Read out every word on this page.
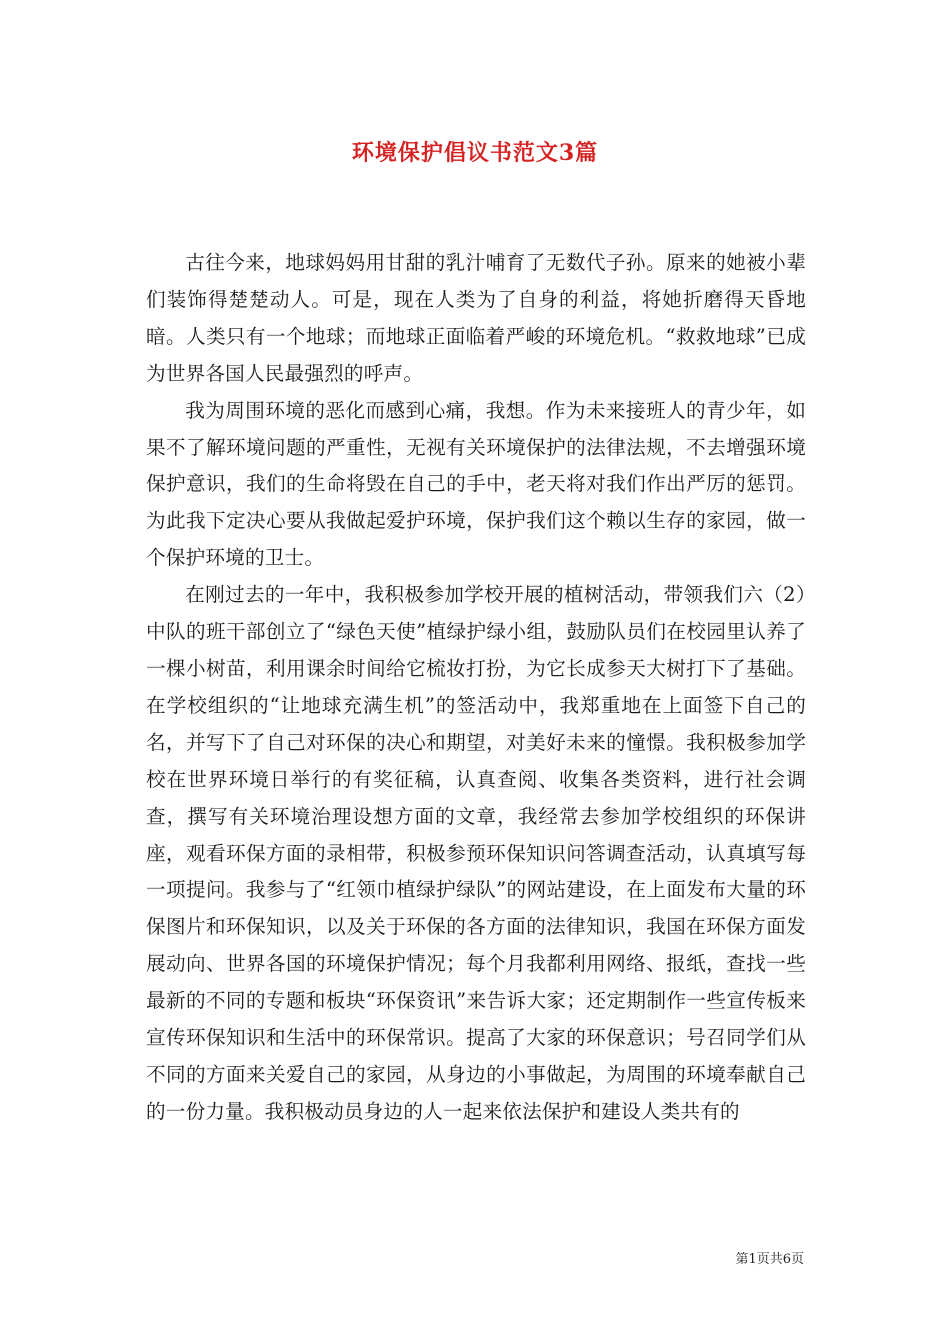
环境保护倡议书范文3篇

古往今来，地球妈妈用甘甜的乳汁哺育了无数代子孙。原来的她被小辈们装饰得楚楚动人。可是，现在人类为了自身的利益，将她折磨得天昏地暗。人类只有一个地球；而地球正面临着严峻的环境危机。“救救地球”已成为世界各国人民最强烈的呼声。

我为周围环境的恶化而感到心痛，我想。作为未来接班人的青少年，如果不了解环境问题的严重性，无视有关环境保护的法律法规，不去增强环境保护意识，我们的生命将毁在自己的手中，老天将对我们作出严厉的惩罚。为此我下定决心要从我做起爱护环境，保护我们这个赖以生存的家园，做一个保护环境的卫士。

在刚过去的一年中，我积极参加学校开展的植树活动，带领我们六（2）中队的班干部创立了“绿色天使”植绿护绿小组，鼓励队员们在校园里认养了一棵小树苗，利用课余时间给它梳妆打扮，为它长成参天大树打下了基础。在学校组织的“让地球充满生机”的签活动中，我郑重地在上面签下自己的名，并写下了自己对环保的决心和期望，对美好未来的憧憬。我积极参加学校在世界环境日举行的有奖征稿，认真查阅、收集各类资料，进行社会调查，撰写有关环境治理设想方面的文章，我经常去参加学校组织的环保讲座，观看环保方面的录相带，积极参预环保知识问答调查活动，认真填写每一项提问。我参与了“红领巾植绿护绿队”的网站建设，在上面发布大量的环保图片和环保知识，以及关于环保的各方面的法律知识，我国在环保方面发展动向、世界各国的环境保护情况；每个月我都利用网络、报纸，查找一些最新的不同的专题和板块“环保资讯”来告诉大家；还定期制作一些宣传板来宣传环保知识和生活中的环保常识。提高了大家的环保意识；号召同学们从不同的方面来关爱自己的家园，从身边的小事做起，为周围的环境奉献自己的一份力量。我积极动员身边的人一起来依法保护和建设人类共有的

第1页共6页
